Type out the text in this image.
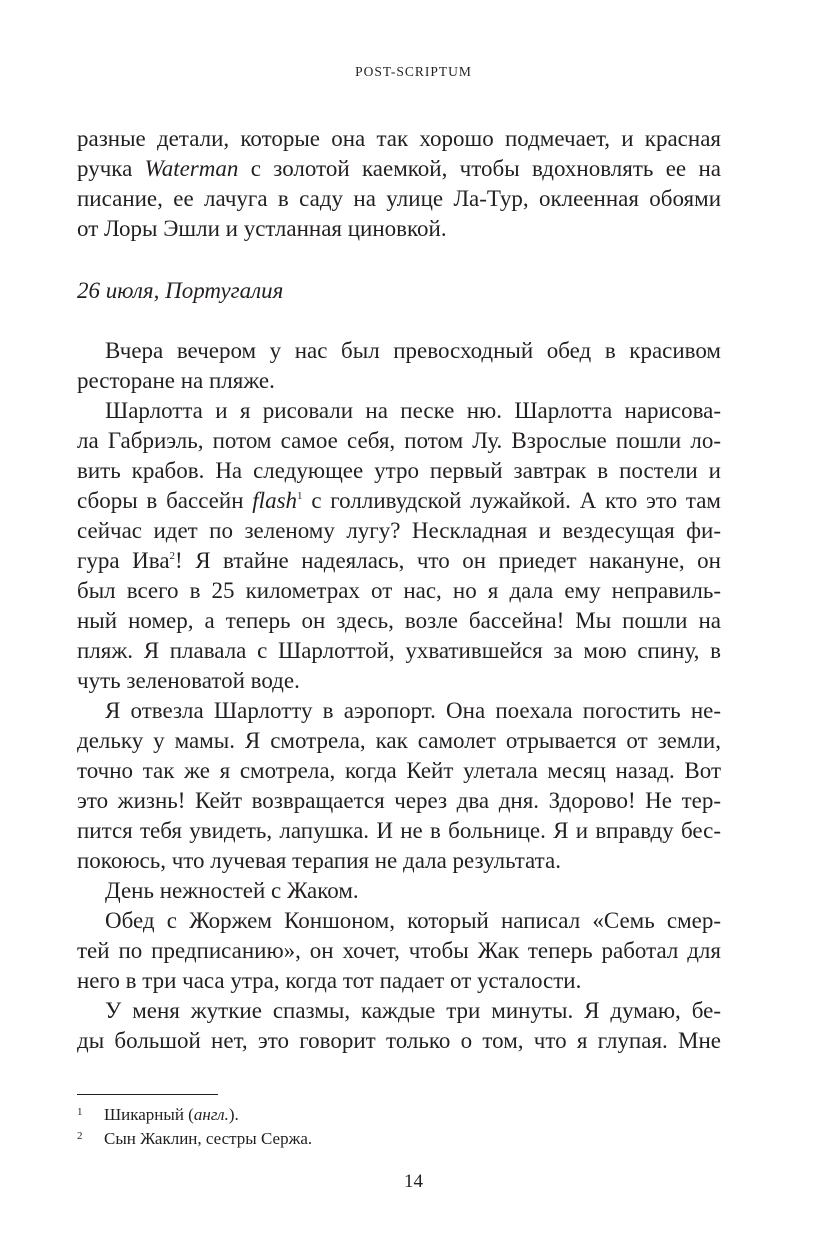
POST-SCRIPTUM
разные детали, которые она так хорошо подмечает, и красная
ручка Waterman с золотой каемкой, чтобы вдохновлять ее на
писание, ее лачуга в саду на улице Ла-Тур, оклеенная обоями
от Лоры Эшли и устланная циновкой.
26 июля, Португалия
Вчера вечером у нас был превосходный обед в красивом
ресторане на пляже.
Шарлотта и я рисовали на песке ню. Шарлотта нарисова-
ла Габриэль, потом самое себя, потом Лу. Взрослые пошли ло-
вить крабов. На следующее утро первый завтрак в постели и
сборы в бассейн flash$^1$ с голливудской лужайкой. А кто это там
сейчас идет по зеленому лугу? Нескладная и вездесущая фи-
гура Ива$^2$! Я втайне надеялась, что он приедет накануне, он
был всего в 25 километрах от нас, но я дала ему неправиль-
ный номер, а теперь он здесь, возле бассейна! Мы пошли на
пляж. Я плавала с Шарлоттой, ухватившейся за мою спину, в
чуть зеленоватой воде.
Я отвезла Шарлотту в аэропорт. Она поехала погостить не-
дельку у мамы. Я смотрела, как самолет отрывается от земли,
точно так же я смотрела, когда Кейт улетала месяц назад. Вот
это жизнь! Кейт возвращается через два дня. Здорово! Не тер-
пится тебя увидеть, лапушка. И не в больнице. Я и вправду бес-
покоюсь, что лучевая терапия не дала результата.
День нежностей с Жаком.
Обед с Жоржем Коншоном, который написал «Семь смер-
тей по предписанию», он хочет, чтобы Жак теперь работал для
него в три часа утра, когда тот падает от усталости.
У меня жуткие спазмы, каждые три минуты. Я думаю, бе-
ды большой нет, это говорит только о том, что я глупая. Мне
1 Шикарный (англ.).
2 Сын Жаклин, сестры Сержа.
14
